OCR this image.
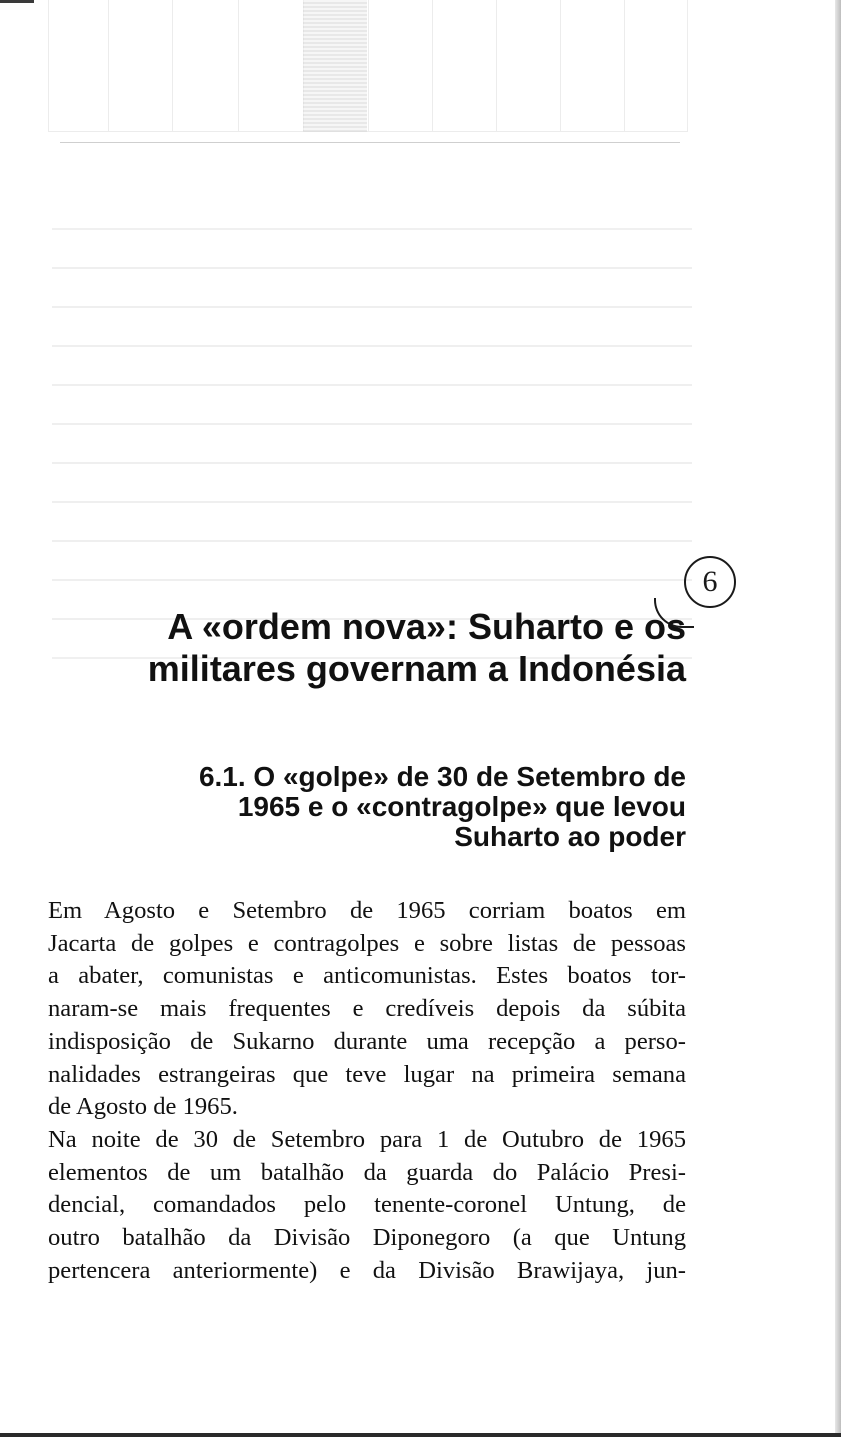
6
A «ordem nova»: Suharto e os
militares governam a Indonésia
6.1. O «golpe» de 30 de Setembro de
1965 e o «contragolpe» que levou
Suharto ao poder
Em Agosto e Setembro de 1965 corriam boatos em
Jacarta de golpes e contragolpes e sobre listas de pessoas
a abater, comunistas e anticomunistas. Estes boatos tor-
naram-se mais frequentes e credíveis depois da súbita
indisposição de Sukarno durante uma recepção a perso-
nalidades estrangeiras que teve lugar na primeira semana
de Agosto de 1965.
Na noite de 30 de Setembro para 1 de Outubro de 1965
elementos de um batalhão da guarda do Palácio Presi-
dencial, comandados pelo tenente-coronel Untung, de
outro batalhão da Divisão Diponegoro (a que Untung
pertencera anteriormente) e da Divisão Brawijaya, jun-
